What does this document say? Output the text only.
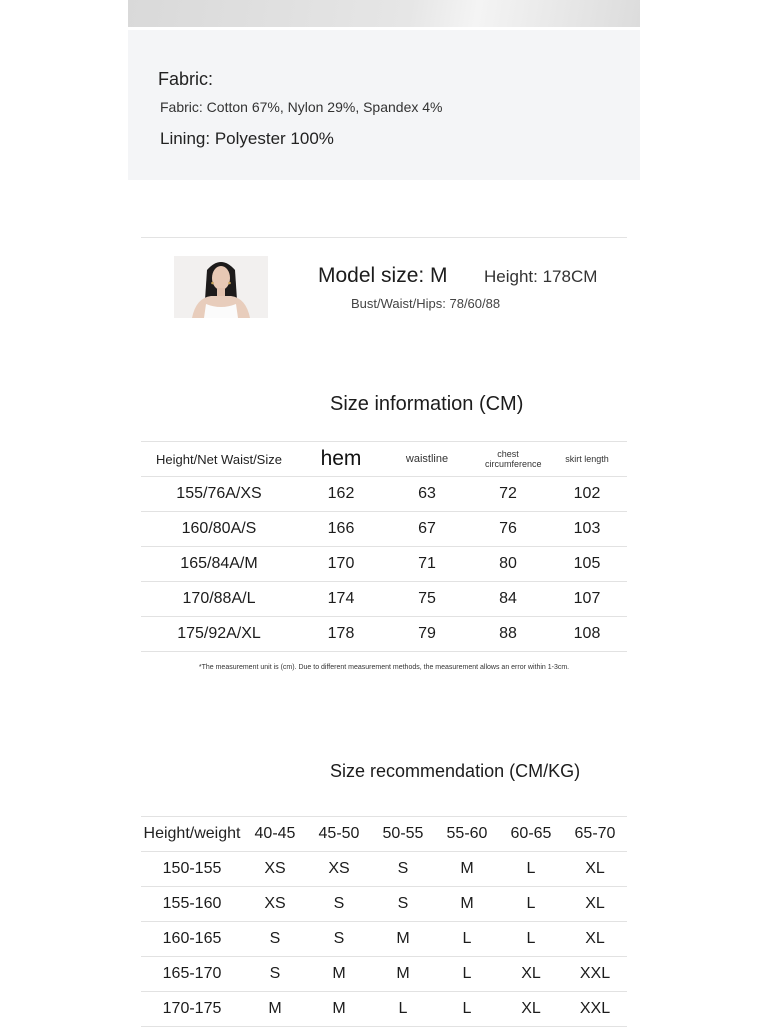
Fabric:
Fabric: Cotton 67%, Nylon 29%, Spandex 4%
Lining: Polyester 100%
Model size: M Height: 178CM
Bust/Waist/Hips: 78/60/88
Size information (CM)
Height/Net Waist/Size	hem	waistline	chest circumference	skirt length
155/76A/XS	162	63	72	102
160/80A/S	166	67	76	103
165/84A/M	170	71	80	105
170/88A/L	174	75	84	107
175/92A/XL	178	79	88	108
*The measurement unit is (cm). Due to different measurement methods, the measurement allows an error within 1-3cm.
Size recommendation (CM/KG)
Height/weight	40-45	45-50	50-55	55-60	60-65	65-70
150-155	XS	XS	S	M	L	XL
155-160	XS	S	S	M	L	XL
160-165	S	S	M	L	L	XL
165-170	S	M	M	L	XL	XXL
170-175	M	M	L	L	XL	XXL
